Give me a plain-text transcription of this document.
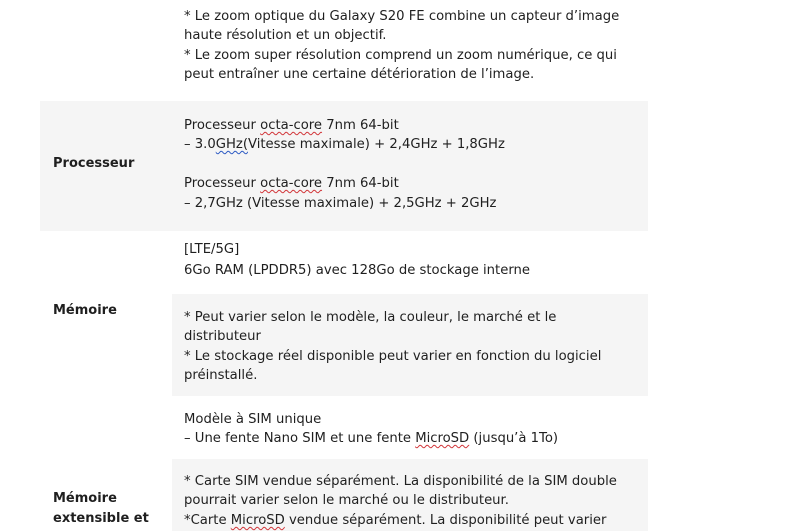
* Le zoom optique du Galaxy S20 FE combine un capteur d’image
haute résolution et un objectif.
* Le zoom super résolution comprend un zoom numérique, ce qui
peut entraîner une certaine détérioration de l’image.
Processeur
Processeur octa-core 7nm 64-bit
– 3.0GHz(Vitesse maximale) + 2,4GHz + 1,8GHz
Processeur octa-core 7nm 64-bit
– 2,7GHz (Vitesse maximale) + 2,5GHz + 2GHz
Mémoire
[LTE/5G]
6Go RAM (LPDDR5) avec 128Go de stockage interne
* Peut varier selon le modèle, la couleur, le marché et le
distributeur
* Le stockage réel disponible peut varier en fonction du logiciel
préinstallé.
Mémoire
extensible et
Modèle à SIM unique
– Une fente Nano SIM et une fente MicroSD (jusqu’à 1To)
* Carte SIM vendue séparément. La disponibilité de la SIM double
pourrait varier selon le marché ou le distributeur.
*Carte MicroSD vendue séparément. La disponibilité peut varier
